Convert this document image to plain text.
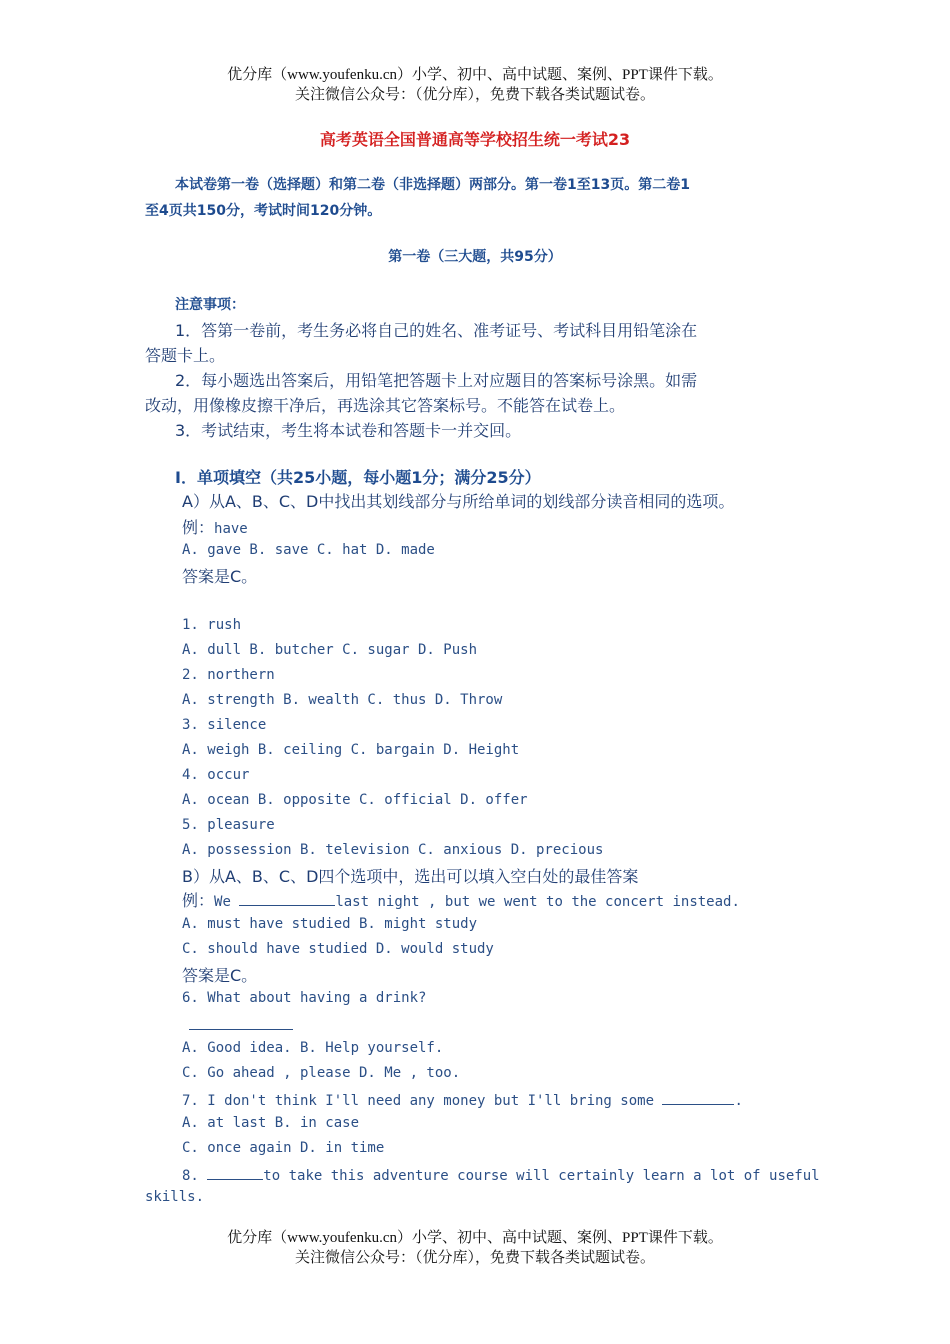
优分库（www.youfenku.cn）小学、初中、高中试题、案例、PPT课件下载。
关注微信公众号：（优分库），免费下载各类试题试卷。
高考英语全国普通高等学校招生统一考试23
本试卷第一卷（选择题）和第二卷（非选择题）两部分。第一卷1至13页。第二卷1
至4页共150分，考试时间120分钟。
第一卷（三大题，共95分）
注意事项：
1．答第一卷前，考生务必将自己的姓名、准考证号、考试科目用铅笔涂在
答题卡上。
2．每小题选出答案后，用铅笔把答题卡上对应题目的答案标号涂黑。如需
改动，用像橡皮擦干净后，再选涂其它答案标号。不能答在试卷上。
3．考试结束，考生将本试卷和答题卡一并交回。
I．单项填空（共25小题，每小题1分；满分25分）
A）从A、B、C、D中找出其划线部分与所给单词的划线部分读音相同的选项。
例：have
A. gave B. save C. hat D. made
答案是C。
1. rush
A. dull B. butcher C. sugar D. Push
2. northern
A. strength B. wealth C. thus D. Throw
3. silence
A. weigh B. ceiling C. bargain D. Height
4. occur
A. ocean B. opposite C. official D. offer
5. pleasure
A. possession B. television C. anxious D. precious
B）从A、B、C、D四个选项中，选出可以填入空白处的最佳答案
例：We	last night , but we went to the concert instead.
A. must have studied B. might study
C. should have studied D. would study
答案是C。
6. What about having a drink?
A. Good idea. B. Help yourself.
C. Go ahead , please D. Me , too.
7. I don't think I'll need any money but I'll bring some	.
A. at last B. in case
C. once again D. in time
8.	to take this adventure course will certainly learn a lot of useful
skills.
优分库（www.youfenku.cn）小学、初中、高中试题、案例、PPT课件下载。
关注微信公众号：（优分库），免费下载各类试题试卷。
